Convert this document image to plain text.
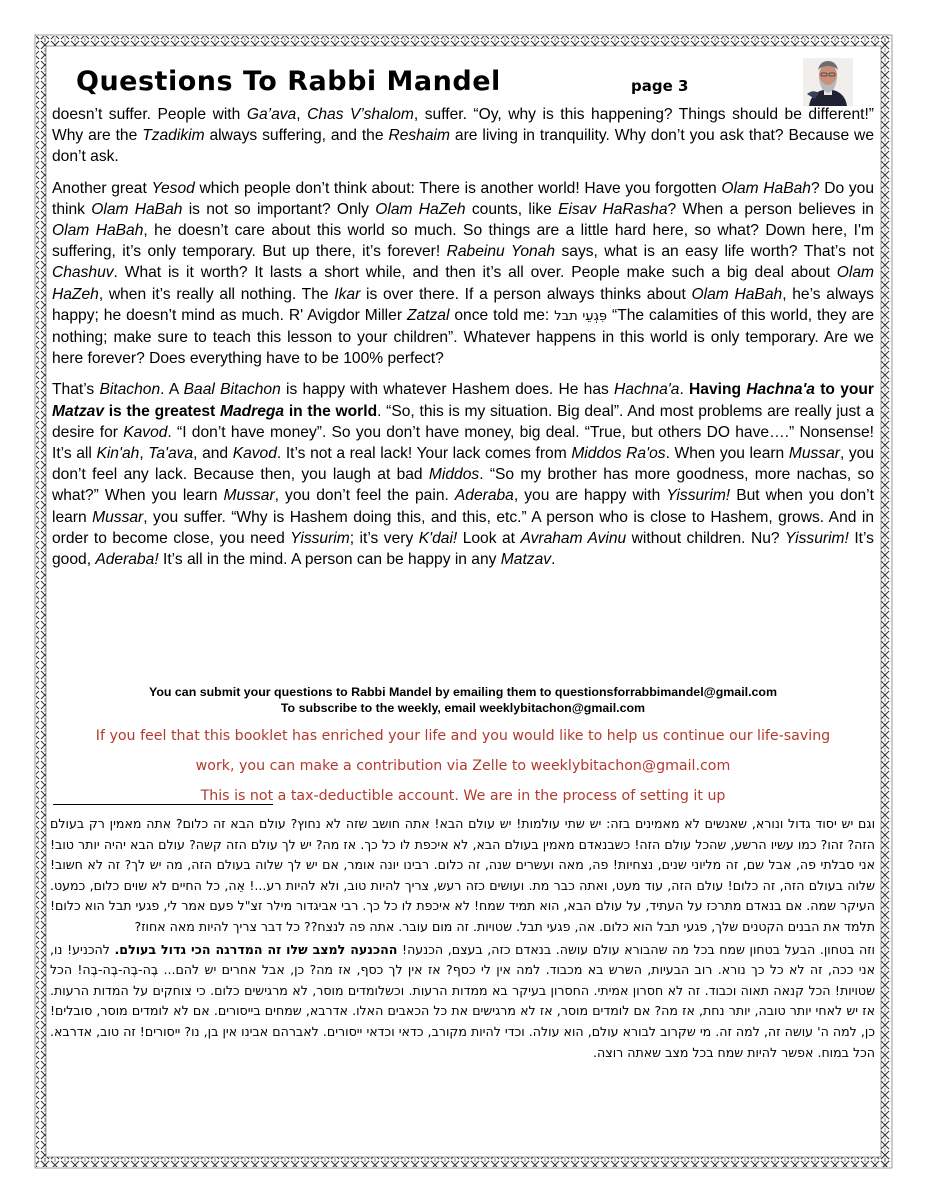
Questions To Rabbi Mandel	page 3

doesn’t suffer. People with Ga’ava, Chas V’shalom, suffer. “Oy, why is this happening? Things should be different!” Why are the Tzadikim always suffering, and the Reshaim are living in tranquility. Why don’t you ask that? Because we don’t ask.

Another great Yesod which people don’t think about: There is another world! Have you forgotten Olam HaBah? Do you think Olam HaBah is not so important? Only Olam HaZeh counts, like Eisav HaRasha? When a person believes in Olam HaBah, he doesn’t care about this world so much. So things are a little hard here, so what? Down here, I'm suffering, it’s only temporary. But up there, it’s forever! Rabeinu Yonah says, what is an easy life worth? That’s not Chashuv. What is it worth? It lasts a short while, and then it’s all over. People make such a big deal about Olam HaZeh, when it’s really all nothing. The Ikar is over there. If a person always thinks about Olam HaBah, he’s always happy; he doesn’t mind as much. R' Avigdor Miller Zatzal once told me: פִּגְעֵי תבל “The calamities of this world, they are nothing; make sure to teach this lesson to your children”. Whatever happens in this world is only temporary. Are we here forever? Does everything have to be 100% perfect?

That’s Bitachon. A Baal Bitachon is happy with whatever Hashem does. He has Hachna'a. Having Hachna'a to your Matzav is the greatest Madrega in the world. “So, this is my situation. Big deal”. And most problems are really just a desire for Kavod. “I don’t have money”. So you don’t have money, big deal. “True, but others DO have….” Nonsense! It’s all Kin'ah, Ta'ava, and Kavod. It’s not a real lack! Your lack comes from Middos Ra'os. When you learn Mussar, you don’t feel any lack. Because then, you laugh at bad Middos. “So my brother has more goodness, more nachas, so what?” When you learn Mussar, you don’t feel the pain. Aderaba, you are happy with Yissurim! But when you don’t learn Mussar, you suffer. “Why is Hashem doing this, and this, etc.” A person who is close to Hashem, grows. And in order to become close, you need Yissurim; it’s very K'dai! Look at Avraham Avinu without children. Nu? Yissurim! It’s good, Aderaba! It’s all in the mind. A person can be happy in any Matzav.

You can submit your questions to Rabbi Mandel by emailing them to questionsforrabbimandel@gmail.com
To subscribe to the weekly, email weeklybitachon@gmail.com
If you feel that this booklet has enriched your life and you would like to help us continue our life-saving
work, you can make a contribution via Zelle to weeklybitachon@gmail.com
This is not a tax-deductible account. We are in the process of setting it up

וגם יש יסוד גדול ונורא, שאנשים לא מאמינים בזה: יש שתי עולמות! יש עולם הבא! אתה חושב שזה לא נחוץ? עולם הבא זה כלום? אתה מאמין רק בעולם הזה? זהו? כמו עשיו הרשע, שהכל עולם הזה! כשבנאדם מאמין בעולם הבא, לא איכפת לו כל כך. אז מה? יש לך עולם הזה קשה? עולם הבא יהיה יותר טוב! אני סבלתי פה, אבל שם, זה מליוני שנים, נצחיות! פה, מאה ועשרים שנה, זה כלום. רבינו יונה אומר, אם יש לך שלוה בעולם הזה, מה יש לך? זה לא חשוב! שלוה בעולם הזה, זה כלום! עולם הזה, עוד מעט, ואתה כבר מת. ועושים כזה רעש, צריך להיות טוב, ולא להיות רע...! אֵה, כל החיים לא שוים כלום, כמעט. העיקר שמה. אם בנאדם מתרכז על העתיד, על עולם הבא, הוא תמיד שמח! לא איכפת לו כל כך. רבי אביגדור מילר זצ"ל פעם אמר לי, פגעי תבל הוא כלום! תלמד את הבנים הקטנים שלך, פגעי תבל הוא כלום. אה, פגעי תבל. שטויות. זה מום עובר. אתה פה לנצח?? כל דבר צריך להיות מאה אחוז?

וזה בטחון. הבעל בטחון שמח בכל מה שהבורא עולם עושה. בנאדם כזה, בעצם, הכנעה! ההכנעה למצב שלו זה המדרגה הכי גדול בעולם. להכניע! נו, אני ככה, זה לא כל כך נורא. רוב הבעיות, השרש בא מכבוד. למה אין לי כסף? אז אין לך כסף, אז מה? כן, אבל אחרים יש להם... בֶה-בֶה-בֶה-בֶה! הכל שטויות! הכל קנאה תאוה וכבוד. זה לא חסרון אמיתי. החסרון בעיקר בא ממדות הרעות. וכשלומדים מוסר, לא מרגישים כלום. כי צוחקים על המדות הרעות. אז יש לאחי יותר טובה, יותר נחת, אז מה? אם לומדים מוסר, אז לא מרגישים את כל הכאבים האלו. אדרבא, שמחים בייסורים. אם לא לומדים מוסר, סובלים! כן, למה ה' עושה זה, למה זה. מי שקרוב לבורא עולם, הוא עולה. וכדי להיות מקורב, כדאי וכדאי ייסורים. לאברהם אבינו אין בן, נו? ייסורים! זה טוב, אדרבא. הכל במוח. אפשר להיות שמח בכל מצב שאתה רוצה.
